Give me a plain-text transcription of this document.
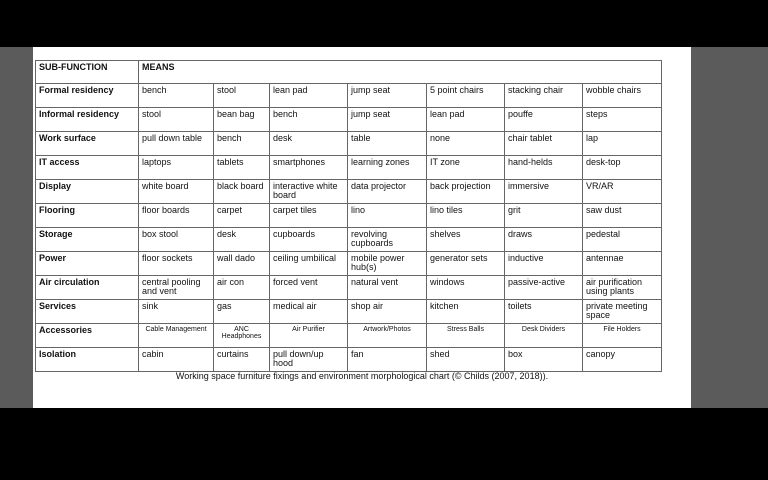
SUB-FUNCTION	MEANS						
Formal residency	bench	stool	lean pad	jump seat	5 point chairs	stacking chair	wobble chairs
Informal residency	stool	bean bag	bench	jump seat	lean pad	pouffe	steps
Work surface	pull down table	bench	desk	table	none	chair tablet	lap
IT access	laptops	tablets	smartphones	learning zones	IT zone	hand-helds	desk-top
Display	white board	black board	interactive white board	data projector	back projection	immersive	VR/AR
Flooring	floor boards	carpet	carpet tiles	lino	lino tiles	grit	saw dust
Storage	box stool	desk	cupboards	revolving cupboards	shelves	draws	pedestal
Power	floor sockets	wall dado	ceiling umbilical	mobile power hub(s)	generator sets	inductive	antennae
Air circulation	central pooling and vent	air con	forced vent	natural vent	windows	passive-active	air purification using plants
Services	sink	gas	medical air	shop air	kitchen	toilets	private meeting space
Accessories	Cable Management	ANC Headphones	Air Purifier	Artwork/Photos	Stress Balls	Desk Dividers	File Holders
Isolation	cabin	curtains	pull down/up hood	fan	shed	box	canopy
Working space furniture fixings and environment morphological chart (© Childs (2007, 2018)).
